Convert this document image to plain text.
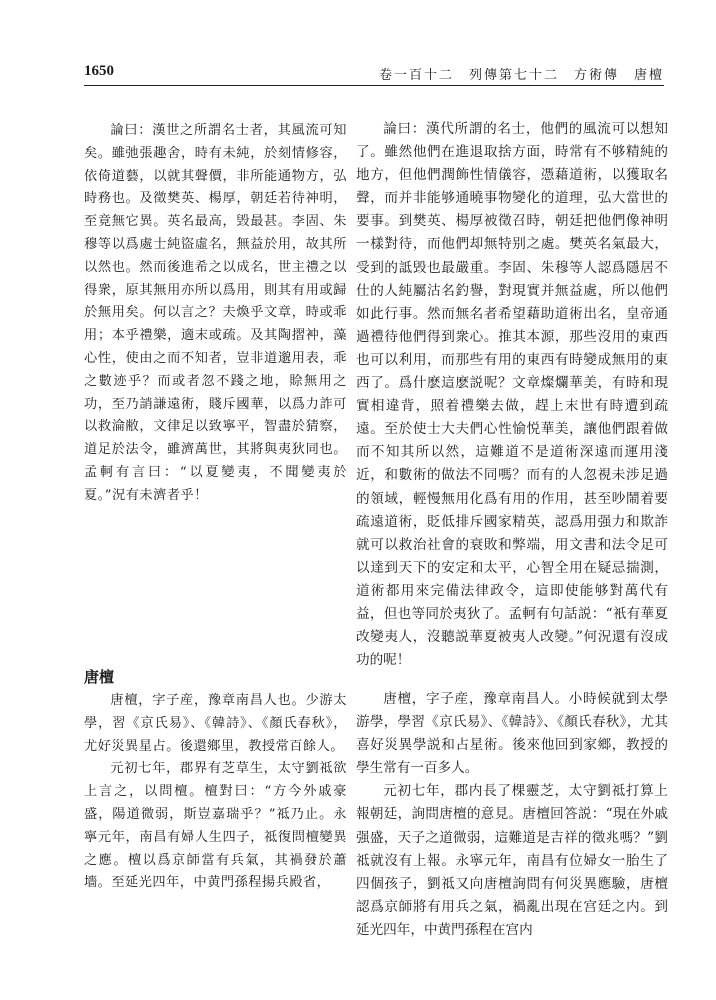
1650	卷一百十二　列傳第七十二　方術傳　唐檀

論曰：漢世之所謂名士者，其風流可知矣。雖弛張趣舍，時有未純，於刻情修容，依倚道藝，以就其聲價，非所能通物方，弘時務也。及徵樊英、楊厚，朝廷若待神明，至竟無它異。英名最高，毁最甚。李固、朱穆等以爲處士純盜虛名，無益於用，故其所以然也。然而後進希之以成名，世主禮之以得衆，原其無用亦所以爲用，則其有用或歸於無用矣。何以言之？夫煥乎文章，時或乖用；本乎禮樂，適末或疏。及其陶摺衶，藻心性，使由之而不知者，豈非道邈用表，乖之數迹乎？而或者忽不踐之地，賒無用之功，至乃誚謙遠術，賤斥國華，以爲力詐可以救淪敝，文律足以致寧平，智盡於猜察，道足於法令，雖濟萬世，其將與夷狄同也。孟軻有言曰：“以夏變夷，不聞變夷於夏。”況有未濟者乎！

論曰：漢代所謂的名士，他們的風流可以想知了。雖然他們在進退取捨方面，時常有不够精純的地方，但他們潤飾性情儀容，憑藉道術，以獲取名聲，而并非能够通曉事物變化的道理，弘大當世的要事。到樊英、楊厚被徵召時，朝廷把他們像神明一樣對待，而他們却無特别之處。樊英名氣最大，受到的詆毁也最嚴重。李固、朱穆等人認爲隱居不仕的人純屬沽名釣譽，對現實并無益處，所以他們如此行事。然而無名者希望藉助道術出名，皇帝通過禮待他們得到衆心。推其本源，那些沒用的東西也可以利用，而那些有用的東西有時變成無用的東西了。爲什麽這麽説呢？文章燦爛華美，有時和現實相違背，照着禮樂去做，趕上末世有時遭到疏遠。至於使士大夫們心性愉悦華美，讓他們跟着做而不知其所以然，這難道不是道術深遠而運用淺近，和數術的做法不同嗎？而有的人忽視未涉足過的領域，輕慢無用化爲有用的作用，甚至吵鬧着要疏遠道術，貶低排斥國家精英，認爲用强力和欺詐就可以救治社會的衰敗和弊端，用文書和法令足可以達到天下的安定和太平，心智全用在疑忌揣測，道術都用來完備法律政令，這即使能够對萬代有益，但也等同於夷狄了。孟軻有句話説：“衹有華夏改變夷人，沒聽説華夏被夷人改變。”何況還有沒成功的呢！

唐檀

唐檀，字子産，豫章南昌人也。少游太學，習《京氏易》、《韓詩》、《顏氏春秋》，尤好災異星占。後還鄉里，教授常百餘人。

元初七年，郡界有芝草生，太守劉祗欲上言之，以問檀。檀對曰：“方今外戚豪盛，陽道微弱，斯豈嘉瑞乎？”祗乃止。永寧元年，南昌有婦人生四子，祗復問檀變異之應。檀以爲京師當有兵氣，其禍發於蕭墻。至延光四年，中黄門孫程揚兵殿省，

唐檀，字子産，豫章南昌人。小時候就到太學游學，學習《京氏易》、《韓詩》、《顏氏春秋》，尤其喜好災異學説和占星術。後來他回到家鄉，教授的學生常有一百多人。

元初七年，郡内長了棵靈芝，太守劉祗打算上報朝廷，詢問唐檀的意見。唐檀回答説：“現在外戚强盛，天子之道微弱，這難道是吉祥的徵兆嗎？”劉祗就沒有上報。永寧元年，南昌有位婦女一胎生了四個孩子，劉祗又向唐檀詢問有何災異應驗，唐檀認爲京師將有用兵之氣，禍亂出現在宫廷之内。到延光四年，中黄門孫程在宫内
